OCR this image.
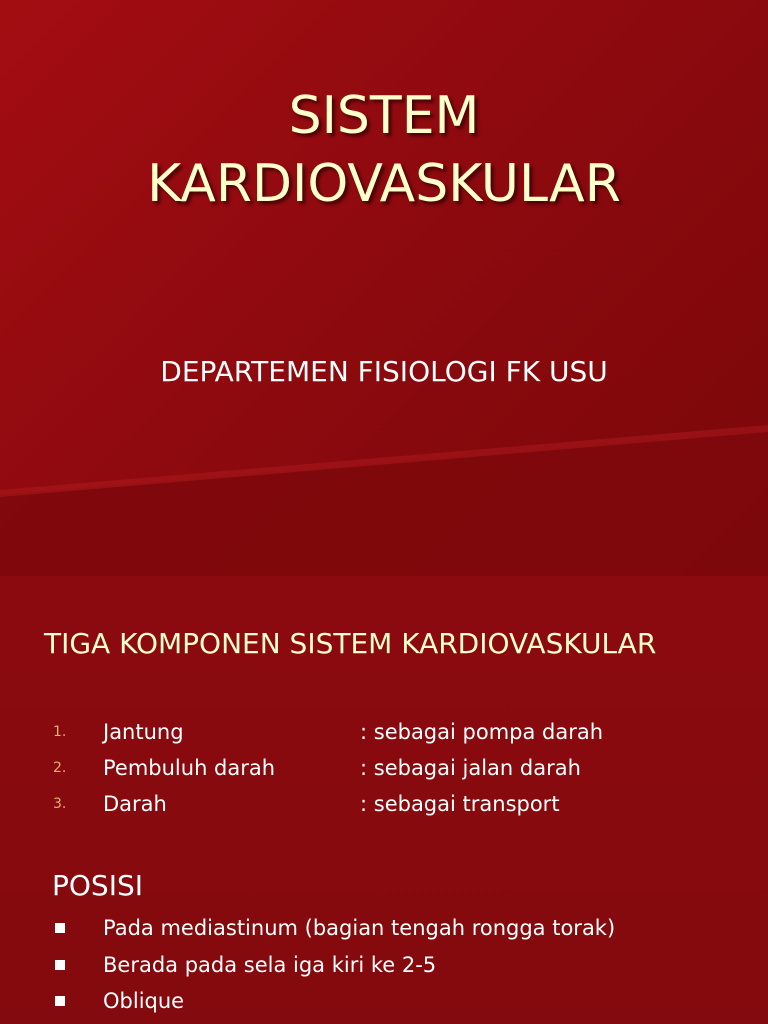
SISTEM
KARDIOVASKULAR

DEPARTEMEN FISIOLOGI FK USU

TIGA KOMPONEN SISTEM KARDIOVASKULAR
1.	Jantung	: sebagai pompa darah
2.	Pembuluh darah	: sebagai jalan darah
3.	Darah	: sebagai transport
POSISI
Pada mediastinum (bagian tengah rongga torak)
Berada pada sela iga kiri ke 2-5
Oblique
